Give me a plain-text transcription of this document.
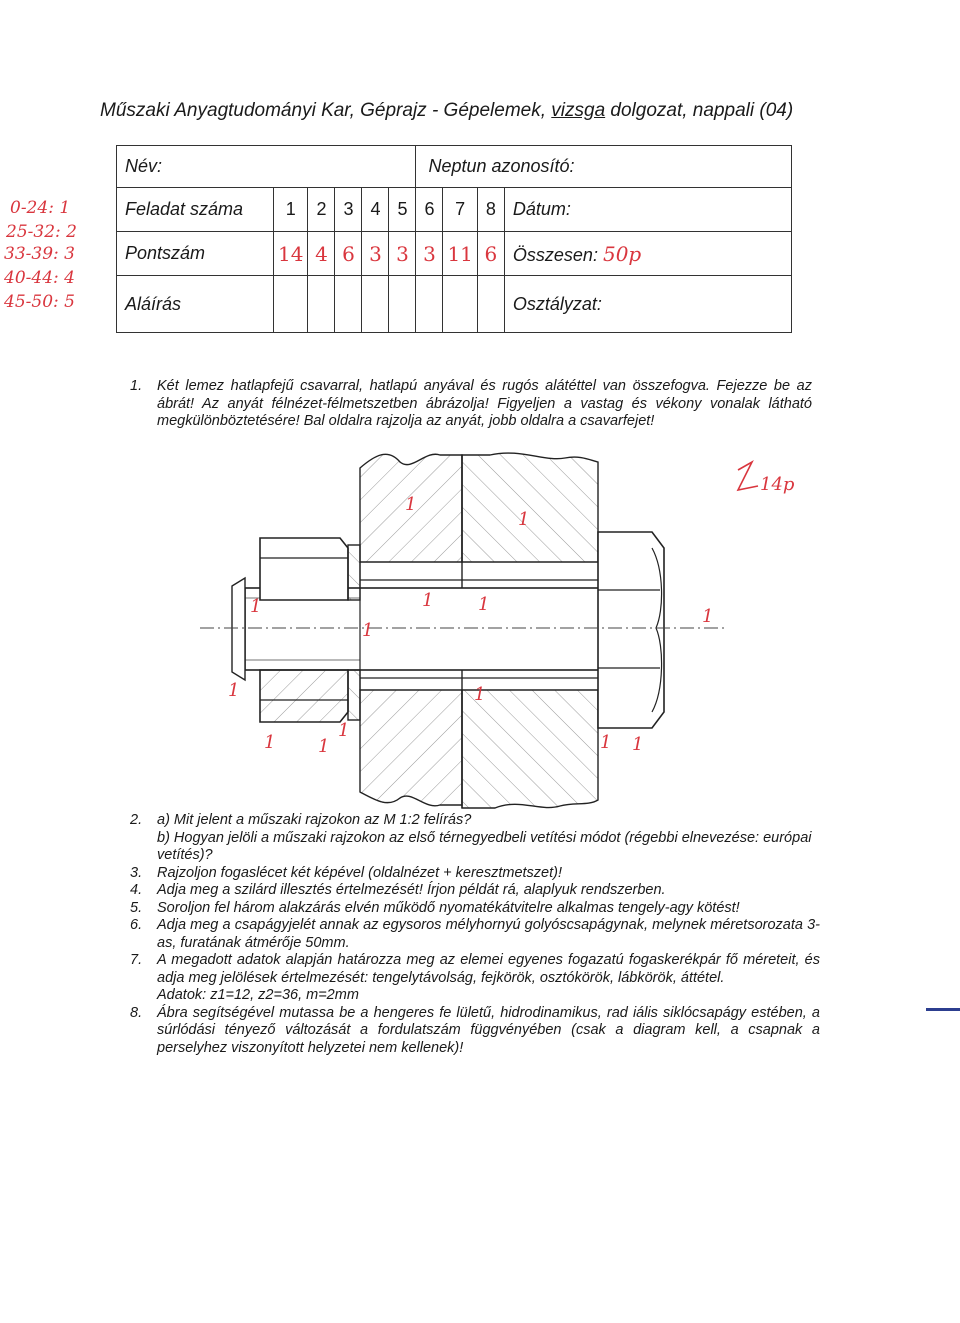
Műszaki Anyagtudományi Kar, Géprajz - Gépelemek, vizsga dolgozat, nappali (04)
0-24: 1
25-32: 2
33-39: 3
40-44: 4
45-50: 5
Név:						Neptun azonosító:			
Feladat száma	1	2	3	4	5	6	7	8	Dátum:
Pontszám	14	4	6	3	3	3	11	6	Összesen: 50p
Aláírás									Osztályzat:
1. Két lemez hatlapfejű csavarral, hatlapú anyával és rugós alátéttel van összefogva. Fejezze be az ábrát! Az anyát félnézet-félmetszetben ábrázolja! Figyeljen a vastag és vékony vonalak látható megkülönböztetésére! Bal oldalra rajzolja az anyát, jobb oldalra a csavarfejet!
1
1
1	1 1
1
1
1	1
1 1	1 1
1
14p
2. a) Mit jelent a műszaki rajzokon az M 1:2 felírás?
b) Hogyan jelöli a műszaki rajzokon az első térnegyedbeli vetítési módot (régebbi elnevezése: európai vetítés)?
3. Rajzoljon fogaslécet két képével (oldalnézet + keresztmetszet)!
4. Adja meg a szilárd illesztés értelmezését! Írjon példát rá, alaplyuk rendszerben.
5. Soroljon fel három alakzárás elvén működő nyomatékátvitelre alkalmas tengely-agy kötést!
6. Adja meg a csapágyjelét annak az egysoros mélyhornyú golyóscsapágynak, melynek méretsorozata 3-as, furatának átmérője 50mm.
7. A megadott adatok alapján határozza meg az elemei egyenes fogazatú fogaskerékpár fő méreteit, és adja meg jelölések értelmezését: tengelytávolság, fejkörök, osztókörök, lábkörök, áttétel.
Adatok: z1=12, z2=36, m=2mm
8. Ábra segítségével mutassa be a hengeres fe lületű, hidrodinamikus, rad iális siklócsapágy estében, a súrlódási tényező változását a fordulatszám függvényében (csak a diagram kell, a csapnak a perselyhez viszonyított helyzetei nem kellenek)!
